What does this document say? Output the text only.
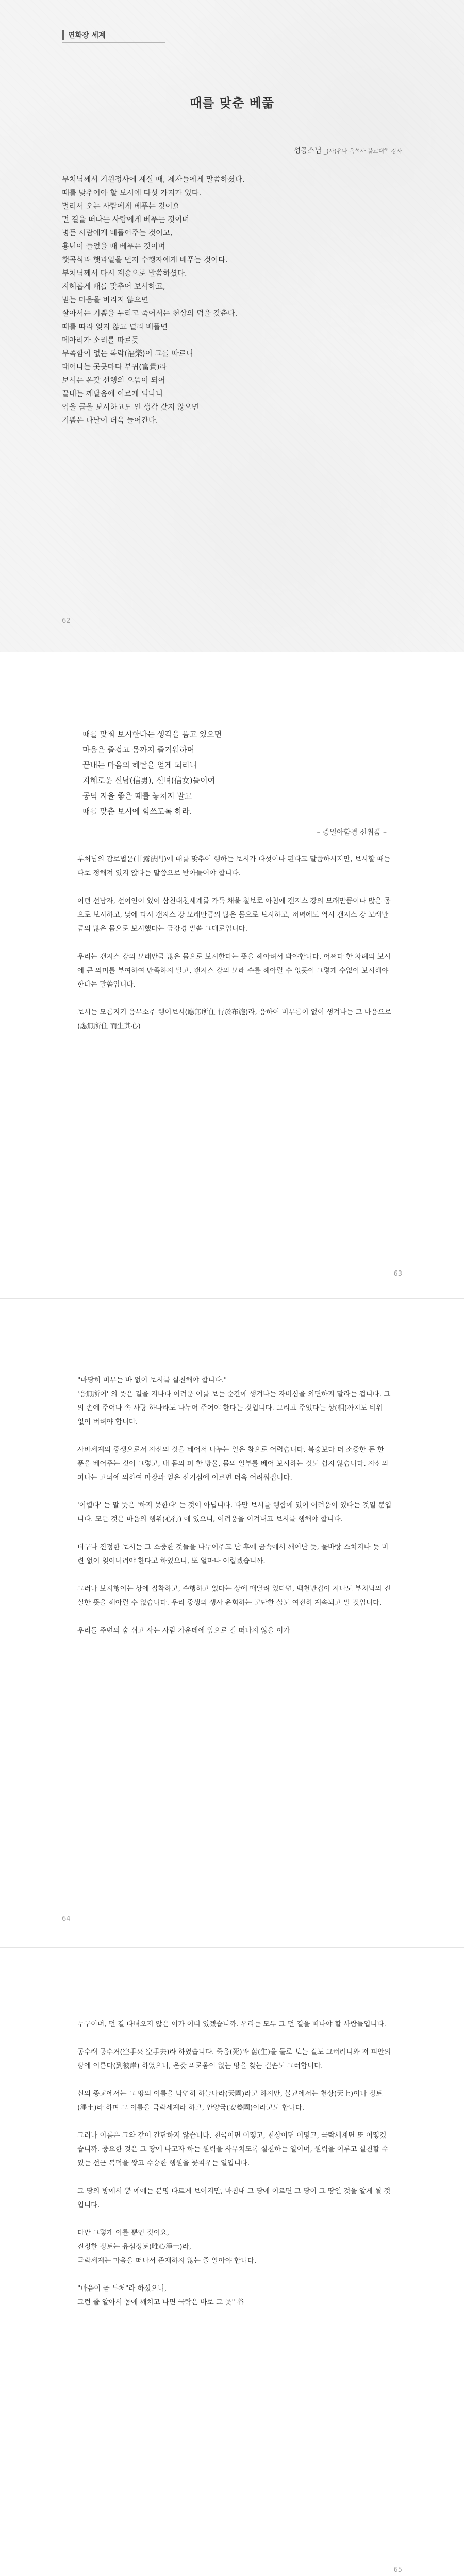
연화장 세계
때를 맞춘 베풂
성공스님 _(사)유나 옥석사 불교대학 강사
부처님께서 기원정사에 계실 때, 제자들에게 말씀하셨다.
때를 맞추어야 할 보시에 다섯 가지가 있다.
멀리서 오는 사람에게 베푸는 것이요
먼 길을 떠나는 사람에게 베푸는 것이며
병든 사람에게 베풀어주는 것이고,
흉년이 들었을 때 베푸는 것이며
햇곡식과 햇과일을 먼저 수행자에게 베푸는 것이다.
부처님께서 다시 계송으로 말씀하셨다.
지혜롭게 때를 맞추어 보시하고,
믿는 마음을 버리지 않으면
살아서는 기쁨을 누리고 죽어서는 천상의 덕을 갖춘다.
때를 따라 잊지 않고 널리 베풀면
메아리가 소리를 따르듯
부족함이 없는 복락(福樂)이 그를 따르니
태어나는 곳곳마다 부귀(富貴)라
보시는 온갖 선행의 으뜸이 되어
끝내는 깨달음에 이르게 되나니
억을 곱을 보시하고도 인 생각 갖지 않으면
기쁨은 나날이 더욱 늘어간다.
62
때를 맞춰 보시한다는 생각을 품고 있으면
마음은 즐겁고 몸까지 즐거워하며
끝내는 마음의 해탈을 얻게 되리니
지혜로운 신남(信男), 신녀(信女)들이여
공덕 지을 좋은 때를 놓치지 말고
때를 맞춘 보시에 힘쓰도록 하라.
– 증일아함경 선취품 –

부처님의 감로법문(甘露法門)에 때를 맞추어 행하는 보시가 다섯이나 된다고 말씀하시지만, 보시할 때는 따로 정해져 있지 않다는 말씀으로 받아들여야 합니다.

어떤 선남자, 선여인이 있어 삼천대천세계를 가득 채울 칠보로 아침에 갠지스 강의 모래만큼이나 많은 몸으로 보시하고, 낮에 다시 갠지스 강 모래만큼의 많은 몸으로 보시하고, 저녁에도 역시 갠지스 강 모래만큼의 많은 몸으로 보시했다는 금강경 말씀 그대로입니다.

우리는 갠지스 강의 모래만큼 많은 몸으로 보시한다는 뜻을 헤아려서 봐야합니다. 어쩌다 한 차례의 보시에 큰 의미를 부여하여 만족하지 말고, 갠지스 강의 모래 수를 헤아릴 수 없듯이 그렇게 수없이 보시해야 한다는 말씀입니다.

보시는 모름지기 응무소주 행어보시(應無所住 行於布施)라, 응하여 머무름이 없이 생겨나는 그 마음으로(應無所住 而生其心)

63

"마땅히 머무는 바 없이 보시를 실천해야 합니다."

'응無所여' 의 뜻은 길을 지나다 어려운 이를 보는 순간에 생겨나는 자비심을 외면하지 말라는 겁니다. 그의 손에 주어나 속 사랑 하나라도 나누어 주어야 한다는 것입니다. 그리고 주었다는 상(相)까지도 비워 없이 버려야 합니다.

사바세계의 중생으로서 자신의 것을 베어서 나누는 일은 참으로 어렵습니다. 복숭보다 더 소중한 돈 한 푼을 베어주는 것이 그렇고, 내 몸의 피 한 방울, 몸의 일부를 베어 보시하는 것도 쉽지 않습니다. 자신의 피나는 고뇌에 의하여 마장과 얻은 신기심에 이르면 더욱 어려워집니다.

'어렵다' 는 말 뜻은 '하지 못한다' 는 것이 아닙니다. 다만 보시를 행함에 있어 어려움이 있다는 것일 뿐입니다. 모든 것은 마음의 행위(心行) 에 있으니, 어려움을 이겨내고 보시를 행해야 합니다.

더구나 진정한 보시는 그 소중한 것들을 나누어주고 난 후에 꿈속에서 깨어난 듯, 물바랑 스쳐지나 듯 미련 없이 잊어버려야 한다고 하였으니, 또 얼마나 어렵겠습니까.

그러나 보시행이는 상에 집착하고, 수행하고 있다는 상에 매달려 있다면, 백천만겁이 지나도 부처님의 진실한 뜻을 헤아릴 수 없습니다. 우리 중생의 생사 윤회하는 고단한 삶도 여전히 계속되고 말 것입니다.

우리들 주변의 숨 쉬고 사는 사람 가운데에 앞으로 길 떠나지 않을 이가

64

누구이며, 먼 길 다녀오지 않은 이가 어디 있겠습니까. 우리는 모두 그 먼 길을 떠나야 할 사람들입니다.

공수래 공수거(空手來 空手去)라 하였습니다. 죽음(死)과 삶(生)을 둘로 보는 길도 그러려니와 저 피안의 땅에 이른다(到彼岸) 하였으니, 온갖 괴로움이 없는 땅을 찾는 길손도 그러합니다.

신의 종교에서는 그 땅의 이름을 막연히 하늘나라(天國)라고 하지만, 불교에서는 천상(天上)이나 정토(淨土)라 하며 그 이름을 극락세계라 하고, 안양국(安養國)이라고도 합니다.

그러나 이름은 그와 같이 간단하지 않습니다. 천국이면 어떻고, 천상이면 어떻고, 극락세계면 또 어떻겠습니까. 중요한 것은 그 땅에 나고자 하는 원력을 사무치도록 실천하는 일이며, 원력을 이루고 실천할 수 있는 선근 복덕을 쌓고 수승한 행원을 꽃피우는 일입니다.

그 땅의 방에서 뿜 예에는 분명 다르게 보이지만, 마침내 그 땅에 이르면 그 땅이 그 땅인 것을 알게 될 것입니다.

다만 그렇게 이를 뿐인 것이요,
진정한 정토는 유심정토(唯心淨土)라,
극락세계는 마음을 떠나서 존재하지 않는 줄 알아야 합니다.

"마음이 곧 부처"라 하셨으니,
그런 줄 알아서 몸에 깨치고 나면 극락은 바로 그 곳" 谷

65
